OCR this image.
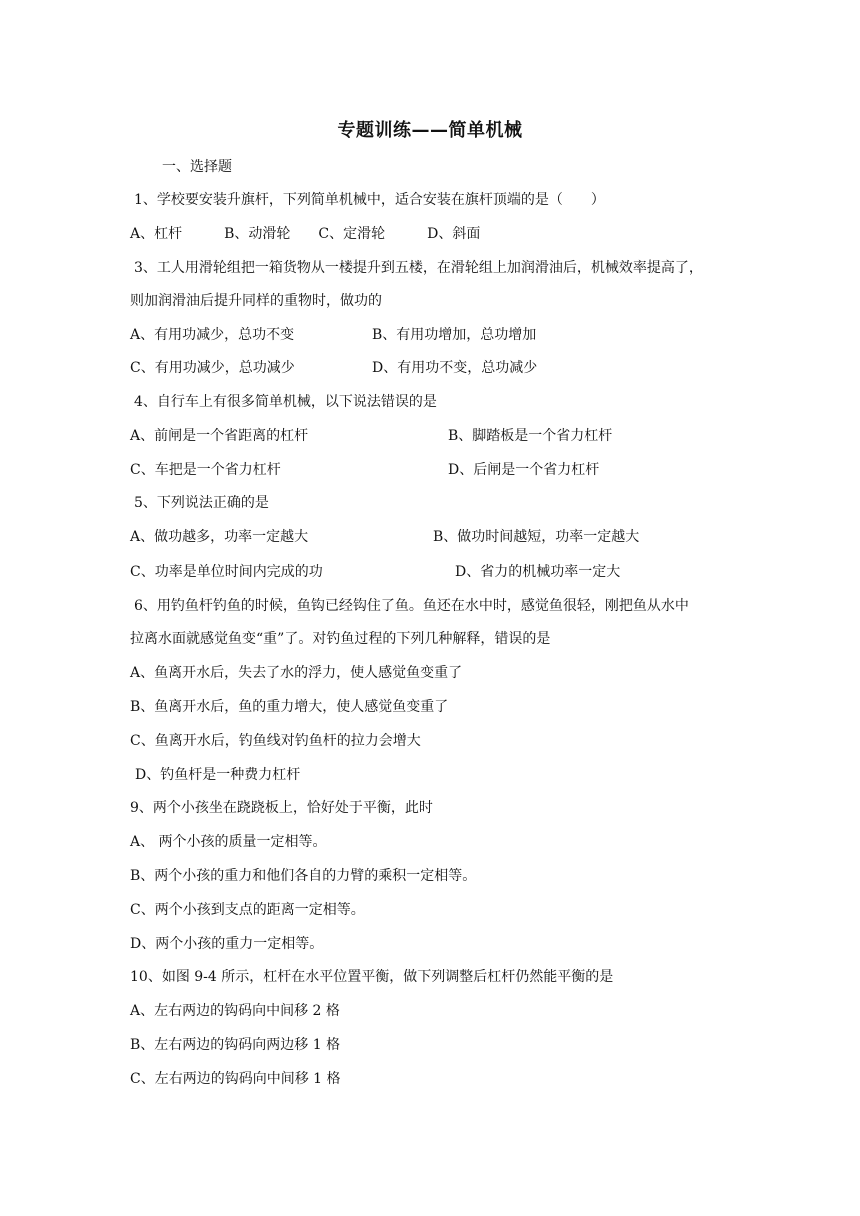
专题训练——简单机械
一、选择题
1、学校要安装升旗杆，下列简单机械中，适合安装在旗杆顶端的是（　　）
A、杠杆　　　B、动滑轮　　C、定滑轮　　　D、斜面
3、工人用滑轮组把一箱货物从一楼提升到五楼，在滑轮组上加润滑油后，机械效率提高了，
则加润滑油后提升同样的重物时，做功的
A、有用功减少，总功不变	B、有用功增加，总功增加
C、有用功减少，总功减少	D、有用功不变，总功减少
4、自行车上有很多简单机械，以下说法错误的是
A、前闸是一个省距离的杠杆	B、脚踏板是一个省力杠杆
C、车把是一个省力杠杆	D、后闸是一个省力杠杆
5、下列说法正确的是
A、做功越多，功率一定越大	B、做功时间越短，功率一定越大
C、功率是单位时间内完成的功	D、省力的机械功率一定大
6、用钓鱼杆钓鱼的时候，鱼钩已经钩住了鱼。鱼还在水中时，感觉鱼很轻，刚把鱼从水中
拉离水面就感觉鱼变“重”了。对钓鱼过程的下列几种解释，错误的是
A、鱼离开水后，失去了水的浮力，使人感觉鱼变重了
B、鱼离开水后，鱼的重力增大，使人感觉鱼变重了
C、鱼离开水后，钓鱼线对钓鱼杆的拉力会增大
D、钓鱼杆是一种费力杠杆
9、两个小孩坐在跷跷板上，恰好处于平衡，此时
A、 两个小孩的质量一定相等。
B、两个小孩的重力和他们各自的力臂的乘积一定相等。
C、两个小孩到支点的距离一定相等。
D、两个小孩的重力一定相等。
10、如图 9-4 所示，杠杆在水平位置平衡，做下列调整后杠杆仍然能平衡的是
A、左右两边的钩码向中间移 2 格
B、左右两边的钩码向两边移 1 格
C、左右两边的钩码向中间移 1 格
